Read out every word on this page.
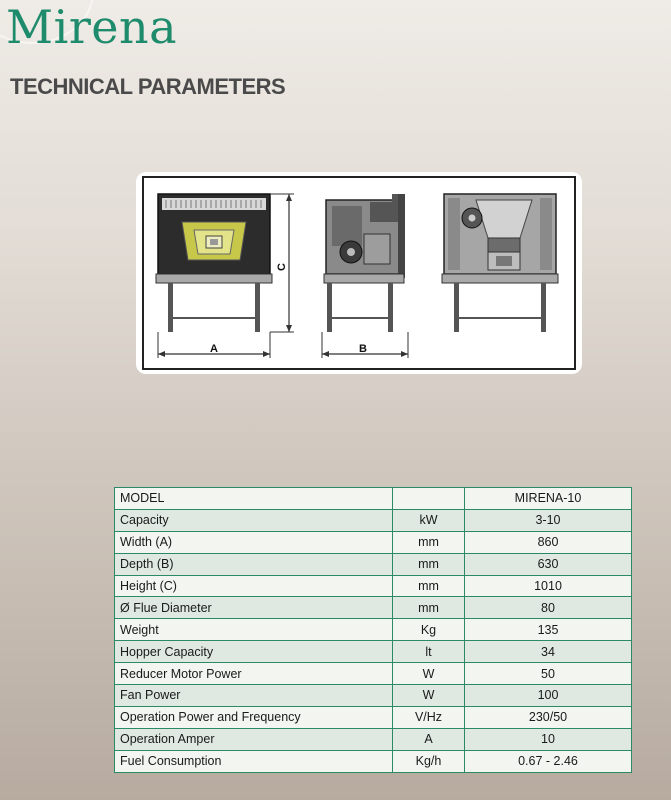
Mirena
TECHNICAL PARAMETERS
A
C
B
MODEL		MIRENA-10
Capacity	kW	3-10
Width (A)	mm	860
Depth (B)	mm	630
Height (C)	mm	1010
Ø Flue Diameter	mm	80
Weight	Kg	135
Hopper Capacity	lt	34
Reducer Motor Power	W	50
Fan Power	W	100
Operation Power and Frequency	V/Hz	230/50
Operation Amper	A	10
Fuel Consumption	Kg/h	0.67 - 2.46
